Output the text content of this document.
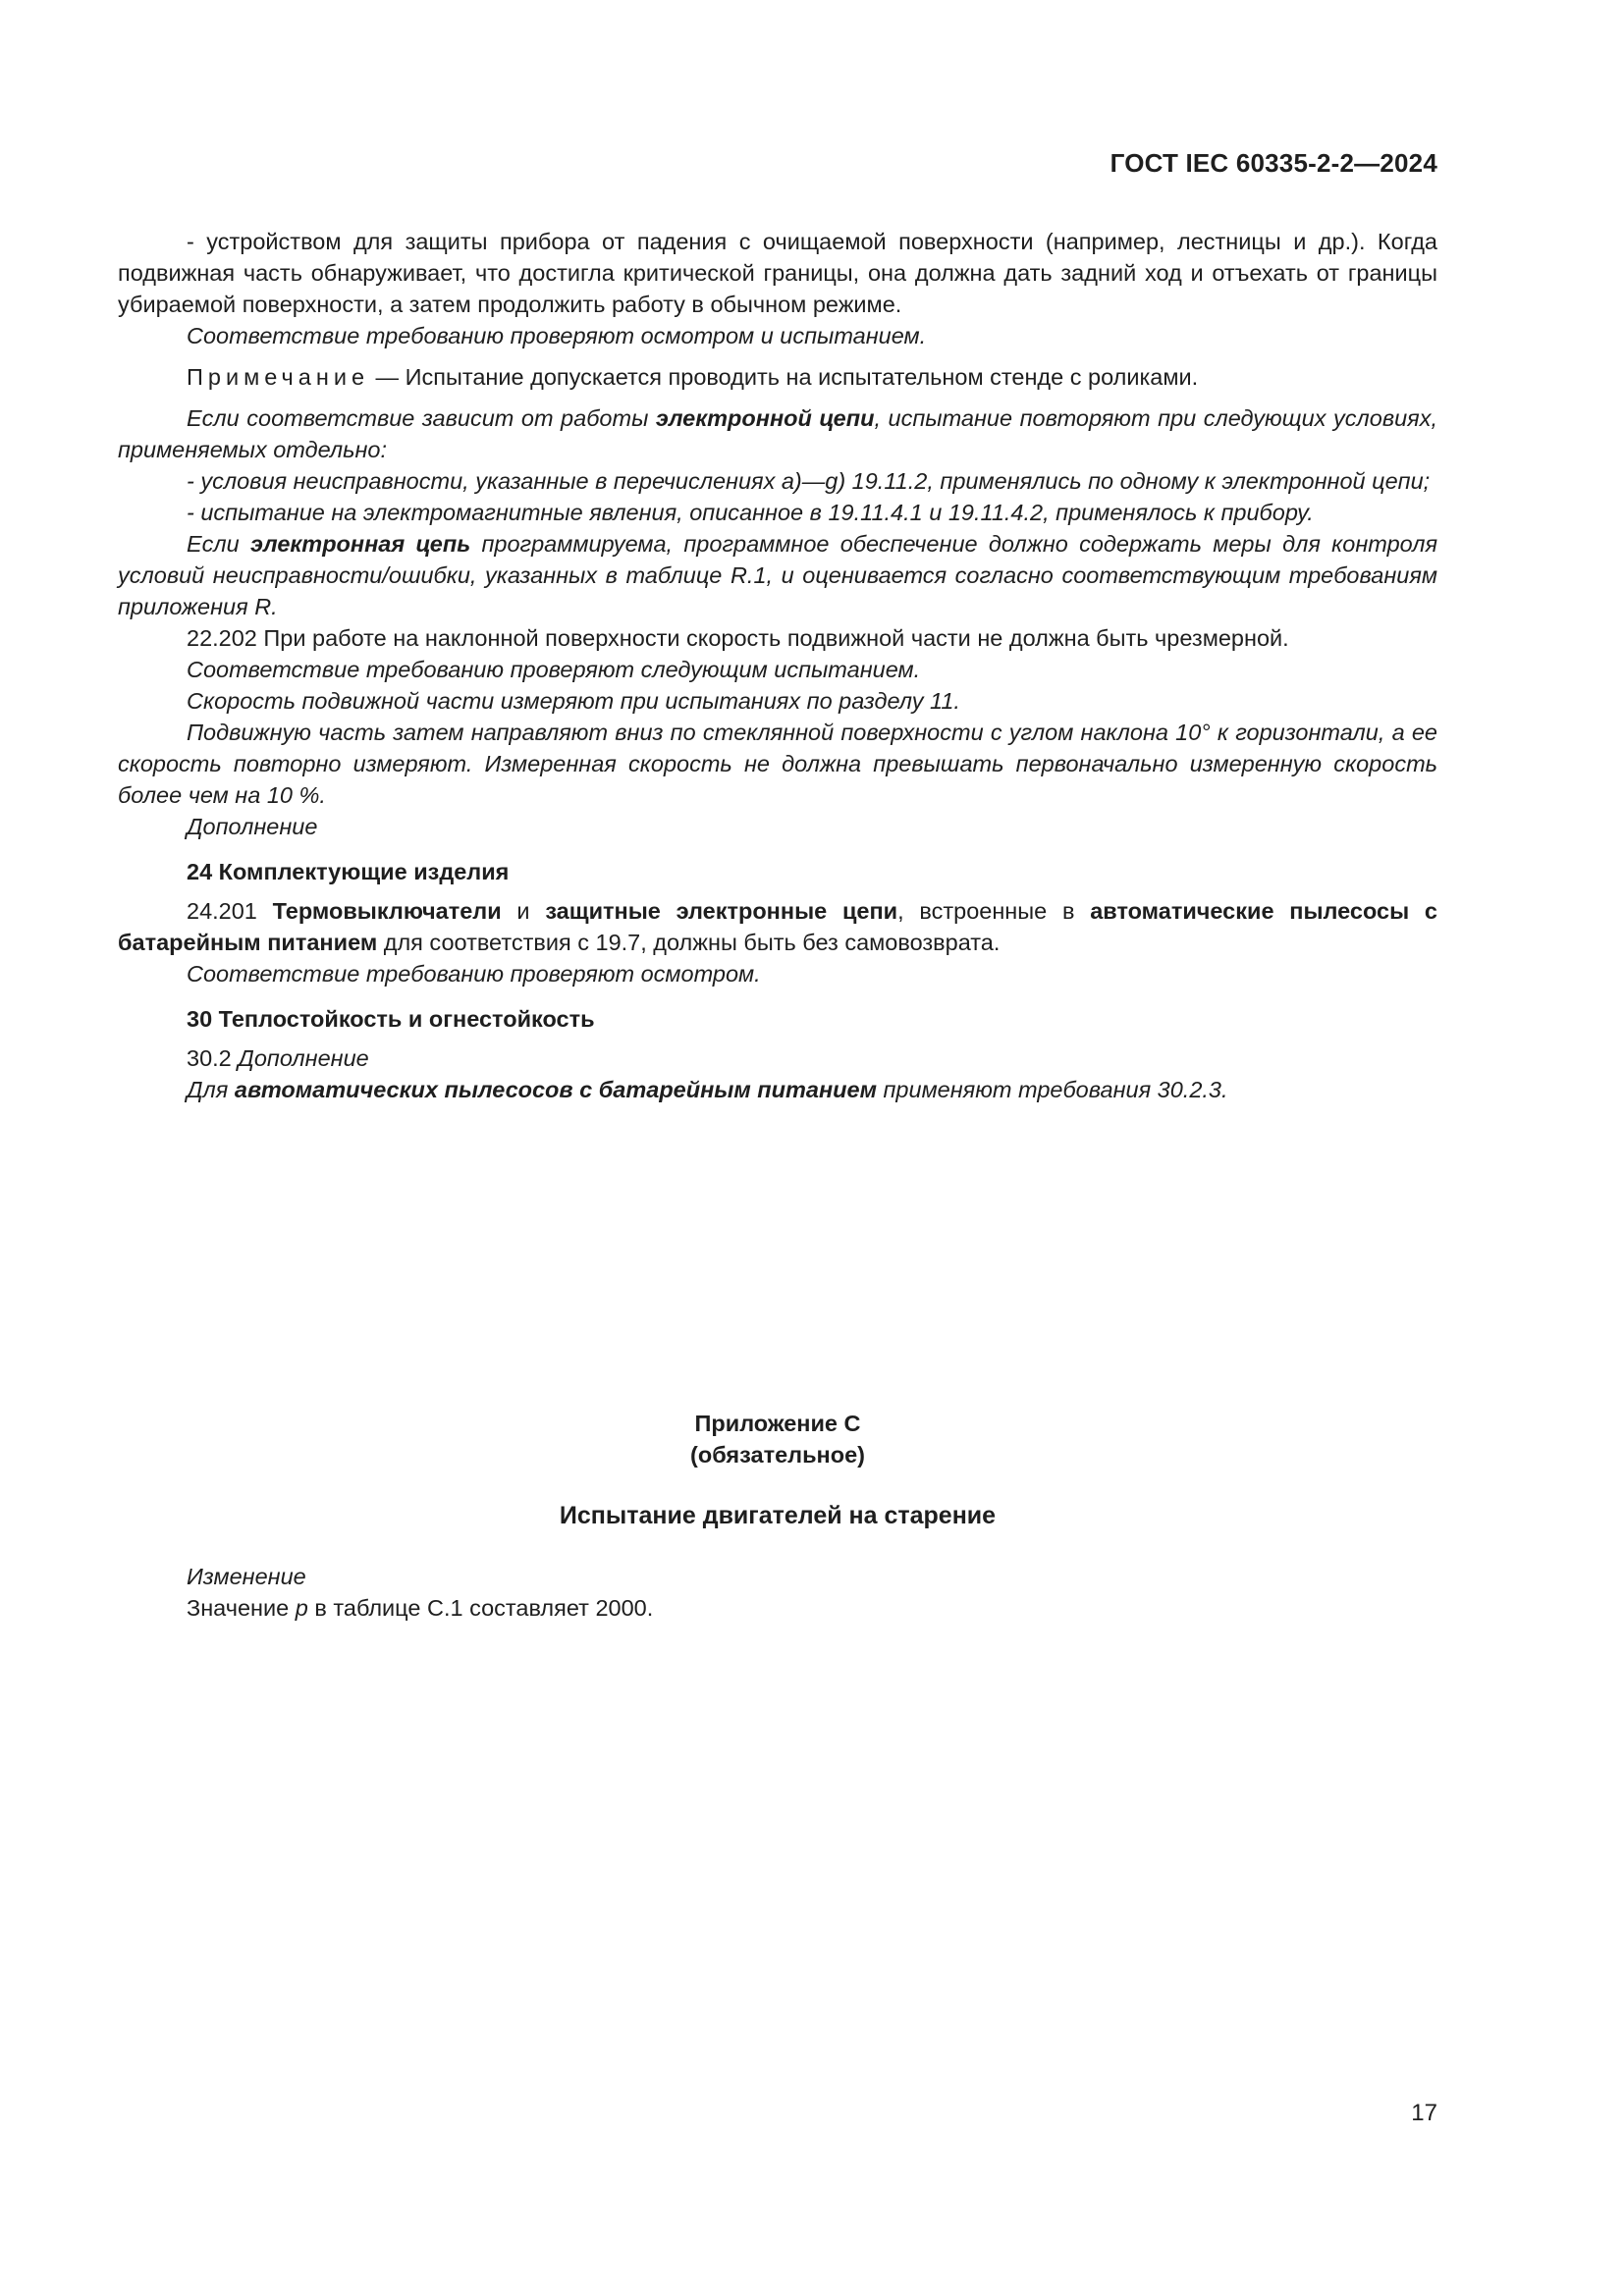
ГОСТ IEC 60335-2-2—2024

- устройством для защиты прибора от падения с очищаемой поверхности (например, лестницы и др.). Когда подвижная часть обнаруживает, что достигла критической границы, она должна дать задний ход и отъехать от границы убираемой поверхности, а затем продолжить работу в обычном режиме.

Соответствие требованию проверяют осмотром и испытанием.

Примечание — Испытание допускается проводить на испытательном стенде с роликами.

Если соответствие зависит от работы электронной цепи, испытание повторяют при следующих условиях, применяемых отдельно:

- условия неисправности, указанные в перечислениях a)—g) 19.11.2, применялись по одному к электронной цепи;

- испытание на электромагнитные явления, описанное в 19.11.4.1 и 19.11.4.2, применялось к прибору.

Если электронная цепь программируема, программное обеспечение должно содержать меры для контроля условий неисправности/ошибки, указанных в таблице R.1, и оценивается согласно соответствующим требованиям приложения R.

22.202 При работе на наклонной поверхности скорость подвижной части не должна быть чрезмерной.

Соответствие требованию проверяют следующим испытанием.

Скорость подвижной части измеряют при испытаниях по разделу 11.

Подвижную часть затем направляют вниз по стеклянной поверхности с углом наклона 10° к горизонтали, а ее скорость повторно измеряют. Измеренная скорость не должна превышать первоначально измеренную скорость более чем на 10 %.

Дополнение

24 Комплектующие изделия

24.201 Термовыключатели и защитные электронные цепи, встроенные в автоматические пылесосы с батарейным питанием для соответствия с 19.7, должны быть без самовозврата.

Соответствие требованию проверяют осмотром.

30 Теплостойкость и огнестойкость

30.2 Дополнение

Для автоматических пылесосов с батарейным питанием применяют требования 30.2.3.

Приложение C

(обязательное)

Испытание двигателей на старение

Изменение

Значение p в таблице C.1 составляет 2000.

17
